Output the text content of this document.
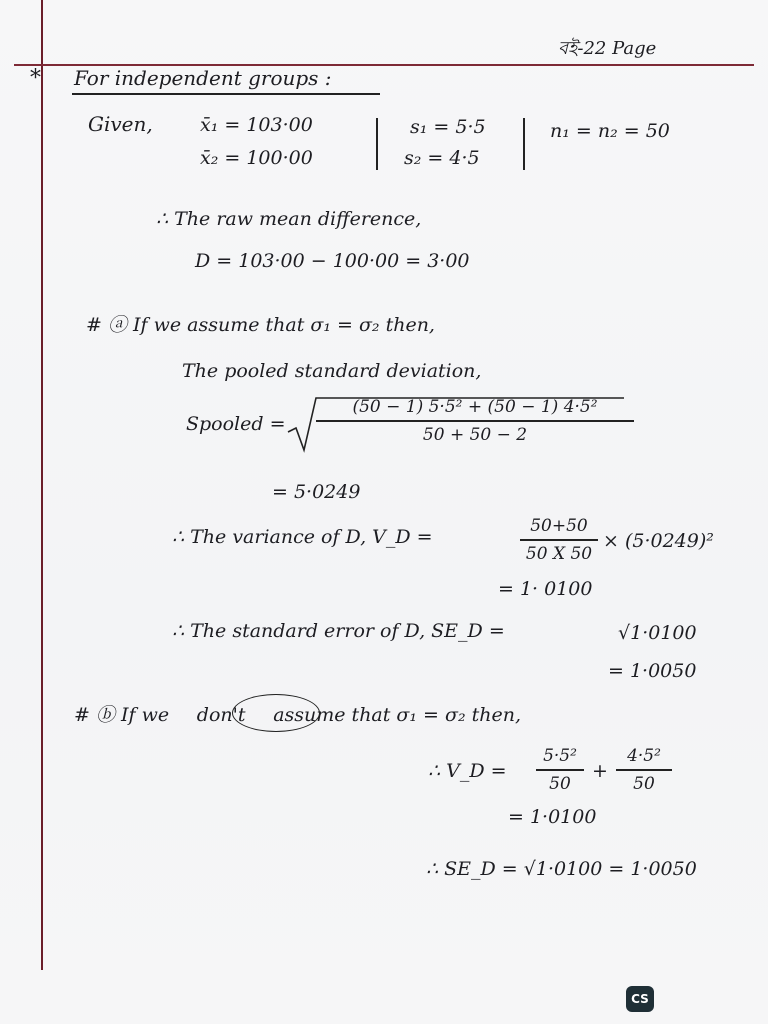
বই-22 Page
* For independent groups :
Given, x̄₁ = 103·00
x̄₂ = 100·00
s₁ = 5·5
s₂ = 4·5
n₁ = n₂ = 50
∴ The raw mean difference,
D = 103·00 − 100·00 = 3·00
# ⓐ If we assume that σ₁ = σ₂ then,
The pooled standard deviation,
Spooled =
(50 − 1) 5·5² + (50 − 1) 4·5²
50 + 50 − 2
= 5·0249
∴ The variance of D, V_D =	50+50
50 X 50
× (5·0249)²
= 1· 0100
∴ The standard error of D, SE_D =	√1·0100
= 1·0050
# ⓑ If we don't assume that σ₁ = σ₂ then,
∴ V_D =
5·5²
50
+
4·5²
50
= 1·0100
∴ SE_D = √1·0100 = 1·0050
CS
